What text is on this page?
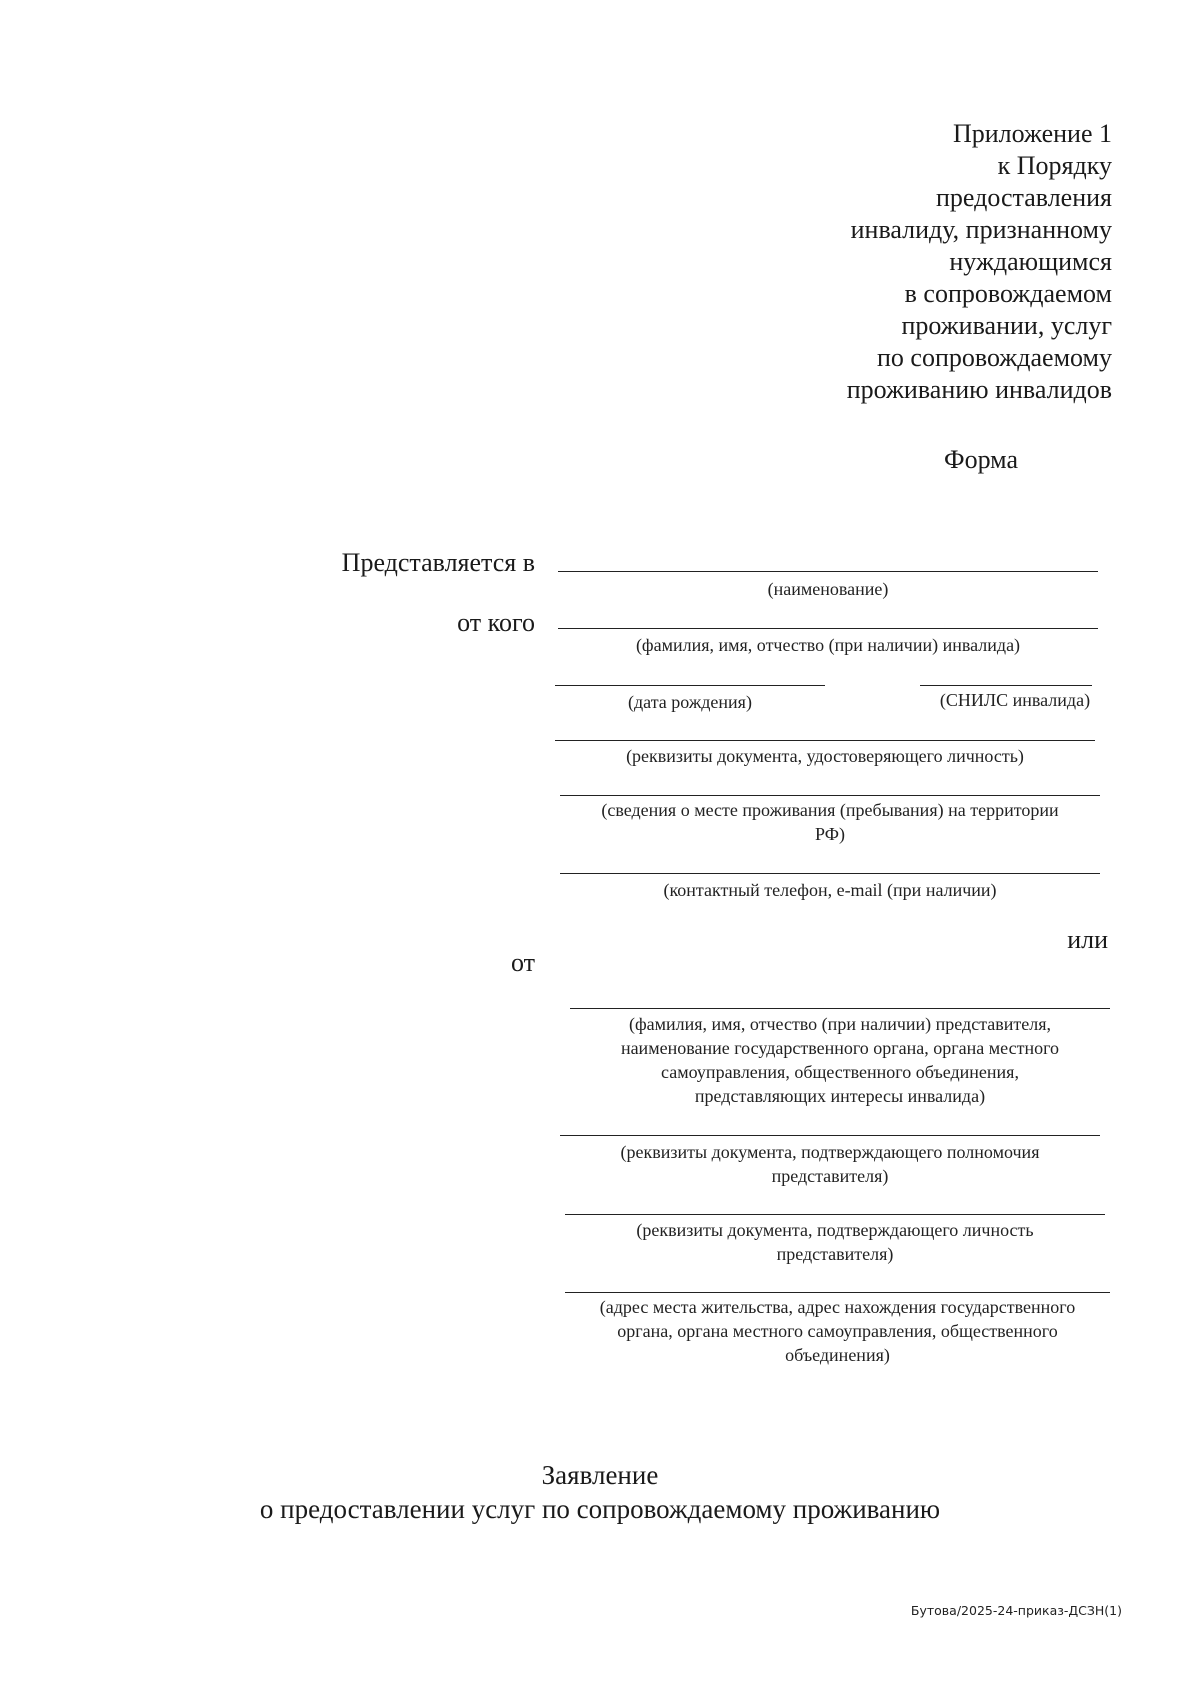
Приложение 1
к Порядку
предоставления
инвалиду, признанному
нуждающимся
в сопровождаемом
проживании, услуг
по сопровождаемому
проживанию инвалидов
Форма
Представляется в
(наименование)
от кого
(фамилия, имя, отчество (при наличии) инвалида)
(дата рождения)	(СНИЛС инвалида)
(реквизиты документа, удостоверяющего личность)
(сведения о месте проживания (пребывания) на территории
РФ)
(контактный телефон, e-mail (при наличии)
или
от
(фамилия, имя, отчество (при наличии) представителя,
наименование государственного органа, органа местного
самоуправления, общественного объединения,
представляющих интересы инвалида)
(реквизиты документа, подтверждающего полномочия
представителя)
(реквизиты документа, подтверждающего личность
представителя)
(адрес места жительства, адрес нахождения государственного
органа, органа местного самоуправления, общественного
объединения)
Заявление
о предоставлении услуг по сопровождаемому проживанию
Бутова/2025-24-приказ-ДСЗН(1)
